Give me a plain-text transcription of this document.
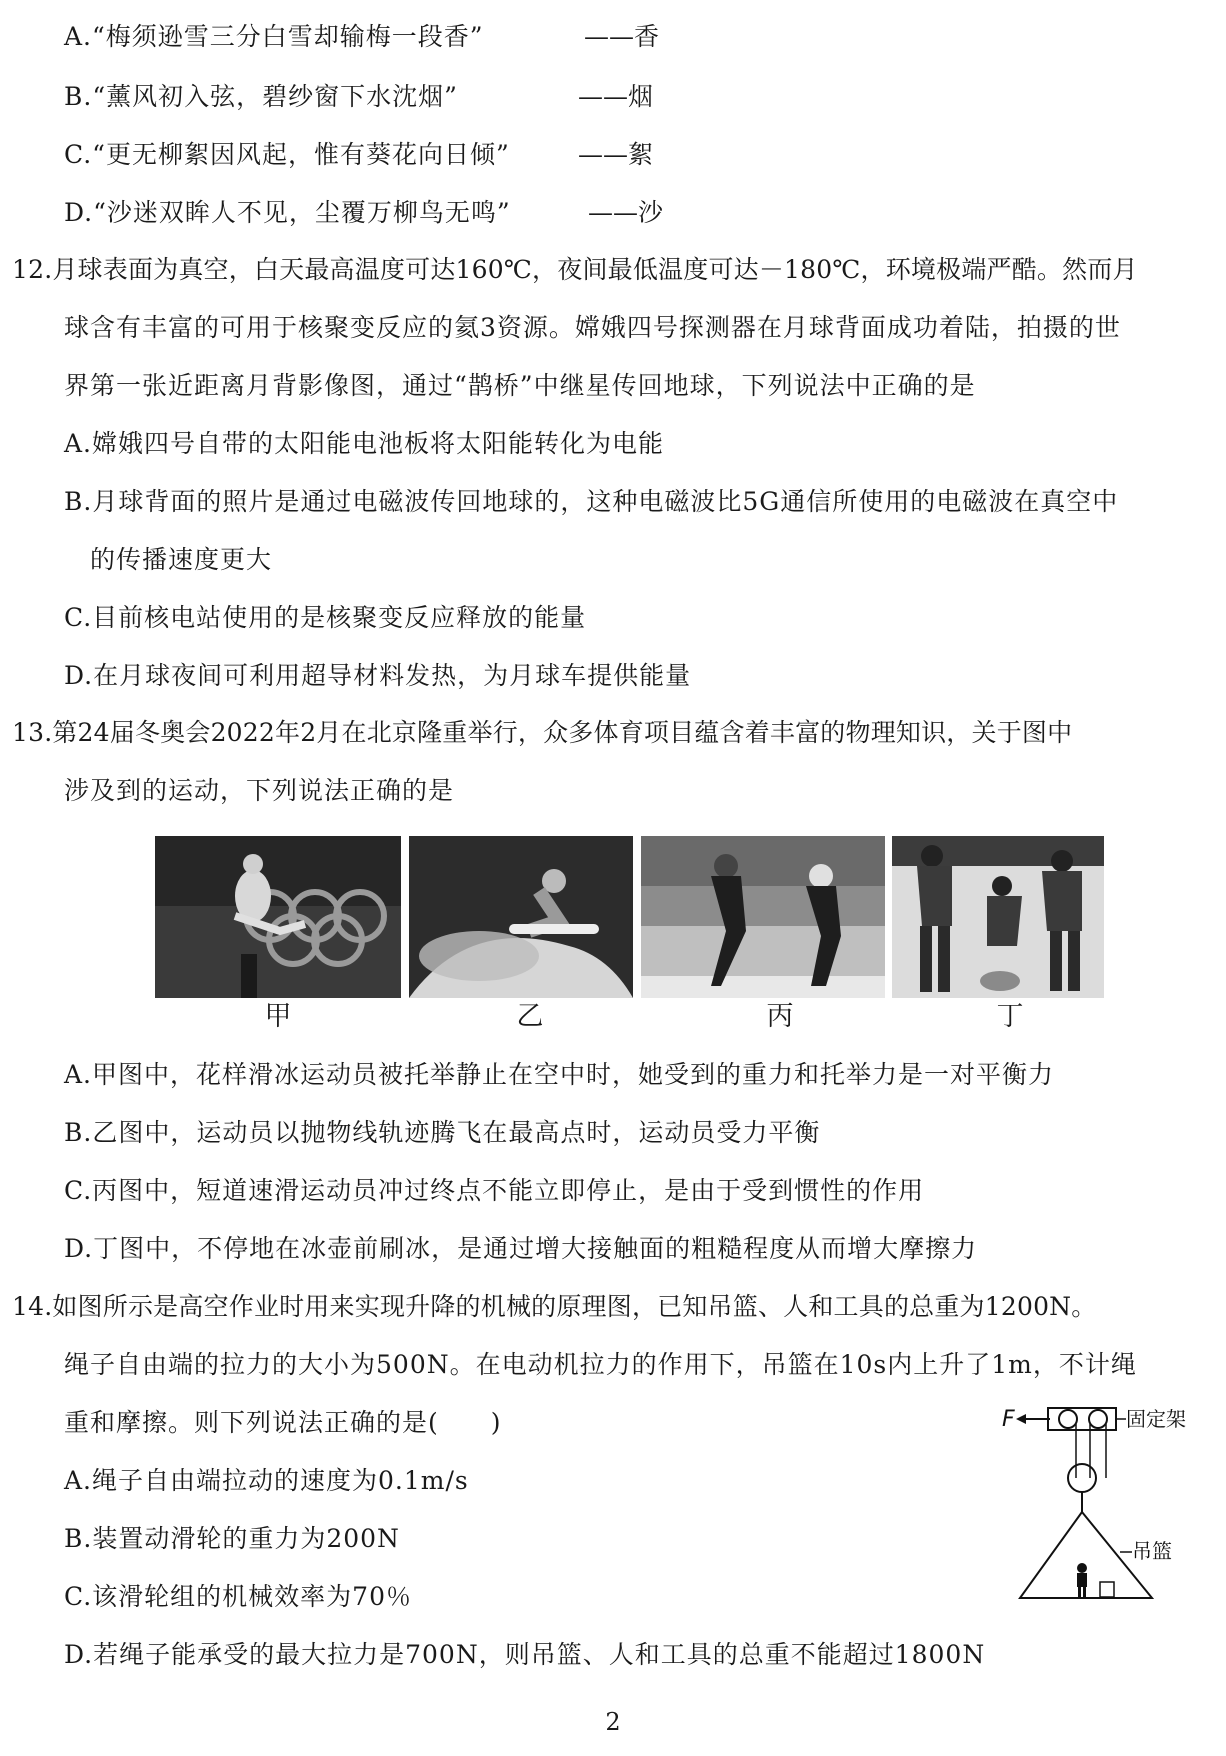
A.“梅须逊雪三分白雪却输梅一段香”	——香
B.“薰风初入弦，碧纱窗下水沈烟”	——烟
C.“更无柳絮因风起，惟有葵花向日倾”	——絮
D.“沙迷双眸人不见，尘覆万柳鸟无鸣”	——沙
12.月球表面为真空，白天最高温度可达160℃，夜间最低温度可达－180℃，环境极端严酷。然而月
球含有丰富的可用于核聚变反应的氦3资源。嫦娥四号探测器在月球背面成功着陆，拍摄的世
界第一张近距离月背影像图，通过“鹊桥”中继星传回地球，下列说法中正确的是
A.嫦娥四号自带的太阳能电池板将太阳能转化为电能
B.月球背面的照片是通过电磁波传回地球的，这种电磁波比5G通信所使用的电磁波在真空中
的传播速度更大
C.目前核电站使用的是核聚变反应释放的能量
D.在月球夜间可利用超导材料发热，为月球车提供能量
13.第24届冬奥会2022年2月在北京隆重举行，众多体育项目蕴含着丰富的物理知识，关于图中
涉及到的运动，下列说法正确的是
甲	乙	丙	丁
A.甲图中，花样滑冰运动员被托举静止在空中时，她受到的重力和托举力是一对平衡力
B.乙图中，运动员以抛物线轨迹腾飞在最高点时，运动员受力平衡
C.丙图中，短道速滑运动员冲过终点不能立即停止，是由于受到惯性的作用
D.丁图中，不停地在冰壶前刷冰，是通过增大接触面的粗糙程度从而增大摩擦力
14.如图所示是高空作业时用来实现升降的机械的原理图，已知吊篮、人和工具的总重为1200N。
绳子自由端的拉力的大小为500N。在电动机拉力的作用下，吊篮在10s内上升了1m，不计绳
重和摩擦。则下列说法正确的是(　　)
A.绳子自由端拉动的速度为0.1m/s
B.装置动滑轮的重力为200N
C.该滑轮组的机械效率为70％
D.若绳子能承受的最大拉力是700N，则吊篮、人和工具的总重不能超过1800N
F	固定架
吊篮
2
